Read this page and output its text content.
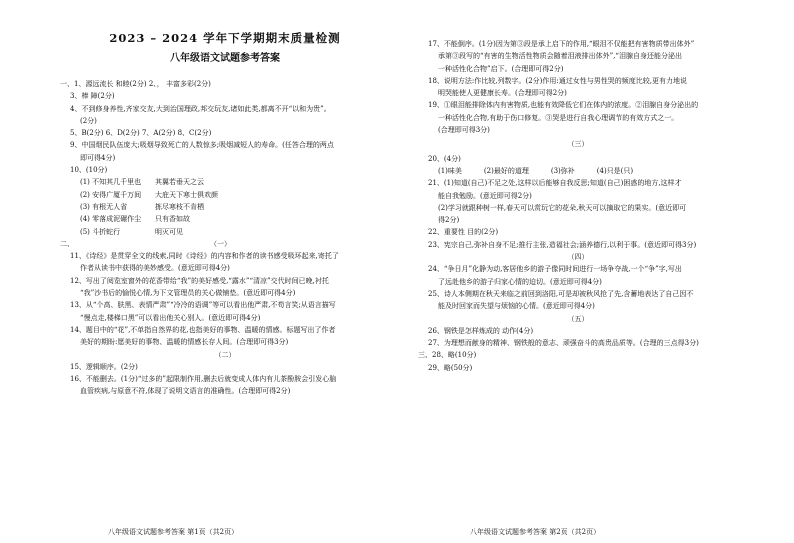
2023 – 2024 学年下学期期末质量检测
八年级语文试题参考答案
一、1、源远流长 和睦(2分) 2、， 丰富多彩(2分)
3、棒 障(2分)
4、不到修身养性,齐家交友,大到治国理政,邦交玩友,诸如此类,都离不开“以和为贵”。
(2分)
5、B(2分) 6、D(2分) 7、A(2分) 8、C(2分)
9、中国烟民队伍庞大;吸烟导致死亡的人数惊多;吸烟减短人的寿命。(任答合理的两点
即可得4分)
10、(10分)
(1) 不知其几千里也 其翼若垂天之云
(2) 安得广厦千万间 大庇天下寒士俱欢颜
(3) 有根无人省	拣尽寒枝不肯栖
(4) 零落成泥碾作尘 只有香如故
(5) 斗折蛇行	明灭可见
二、	（一）
11、《诗经》是贯穿全文的线索,同时《诗经》的内容和作者的读书感受吸环起来,寄托了
作者从读书中获得的美妙感受。(意近即可得4分)
12、写出了阅览室窗外的花香带给“我”的美好感受,“露水”“清凉”交代时间已晚,衬托
“我”沙书后的愉悦心情,为下文管理员的关心做铺垫。(意近即可得4分)
13、从“个高、肤黑、表情严肃”“冷冷的语调”等可以看出他严肃,不苟言笑;从语言描写
“慢点走,楼梯口黑”可以看出他关心别人。(意近即可得4分)
14、题目中的“花”,不单指自然界的花,也指美好的事物、温暖的情感。标题写出了作者
美好的期盼:愿美好的事物、温暖的情感长存人间。(合理即可得3分)
（二）
15、逻辑顺序。(2分)
16、不能删去。(1分)“过多的”起限制作用,删去后就变成人体内有儿茶酚胺会引发心脑
血管疾病,与原意不符,体现了说明文语言的准确性。(合理即可得2分)
八年级语文试题参考答案 第1页（共2页）
17、不能倒序。(1分)因为第③段是承上启下的作用,“眼泪不仅能把有害物质带出体外”
承第③段写的“有害的生物活性物质会随着泪液排出体外”,“泪腺自身还能分泌出
一种活性化合物”启下。(合理即可得2分)
18、说明方法:作比较,列数字。(2分)作用:通过女性与男性哭的频度比较,更有力地说
明哭能使人更健康长寿。(合理即可得2分)
19、①眼泪能排除体内有害物质,也能有效降低它们在体内的浓度。②泪腺自身分泌出的
一种活性化合物,有助于伤口修复。③哭是进行自我心理调节的有效方式之一。
(合理即可得3分)
（三）
20、(4分)
(1)味美	(2)最好的道理	(3)弥补	(4)只是(只)
21、(1)知道(自己)不足之处,这样以后能够自我反思;知道(自己)困惑的地方,这样才
能自我勉励。(意近即可得2分)
(2)学习就跟种树一样,春天可以赏玩它的花朵,秋天可以摘取它的果实。(意近即可
得2分)
22、重要性 目的(2分)
23、宪宗自己,弥补自身不足;推行主张,造福社会;涵养德行,以利于事。(意近即可得3分)
（四）
24、“争日月”化静为动,客居他乡的游子像同时间进行一场争夺战,一个“争”字,写出
了远赴他乡的游子归家心情的迫切。(意近即可得4分)
25、诗人本侧期在秋天来临之前回到洛阳,可是却被秋风抢了先,含蓄地表达了自己因不
能及时回家而失望与烦恼的心情。(意近即可得4分)
（五）
26、钢铁是怎样炼成的 动作(4分)
27、为理想而献身的精神、钢铁般的意志、顽强奋斗的高贵品质等。(合理的三点得3分)
三、28、略(10分)
29、略(50分)
八年级语文试题参考答案 第2页（共2页）
